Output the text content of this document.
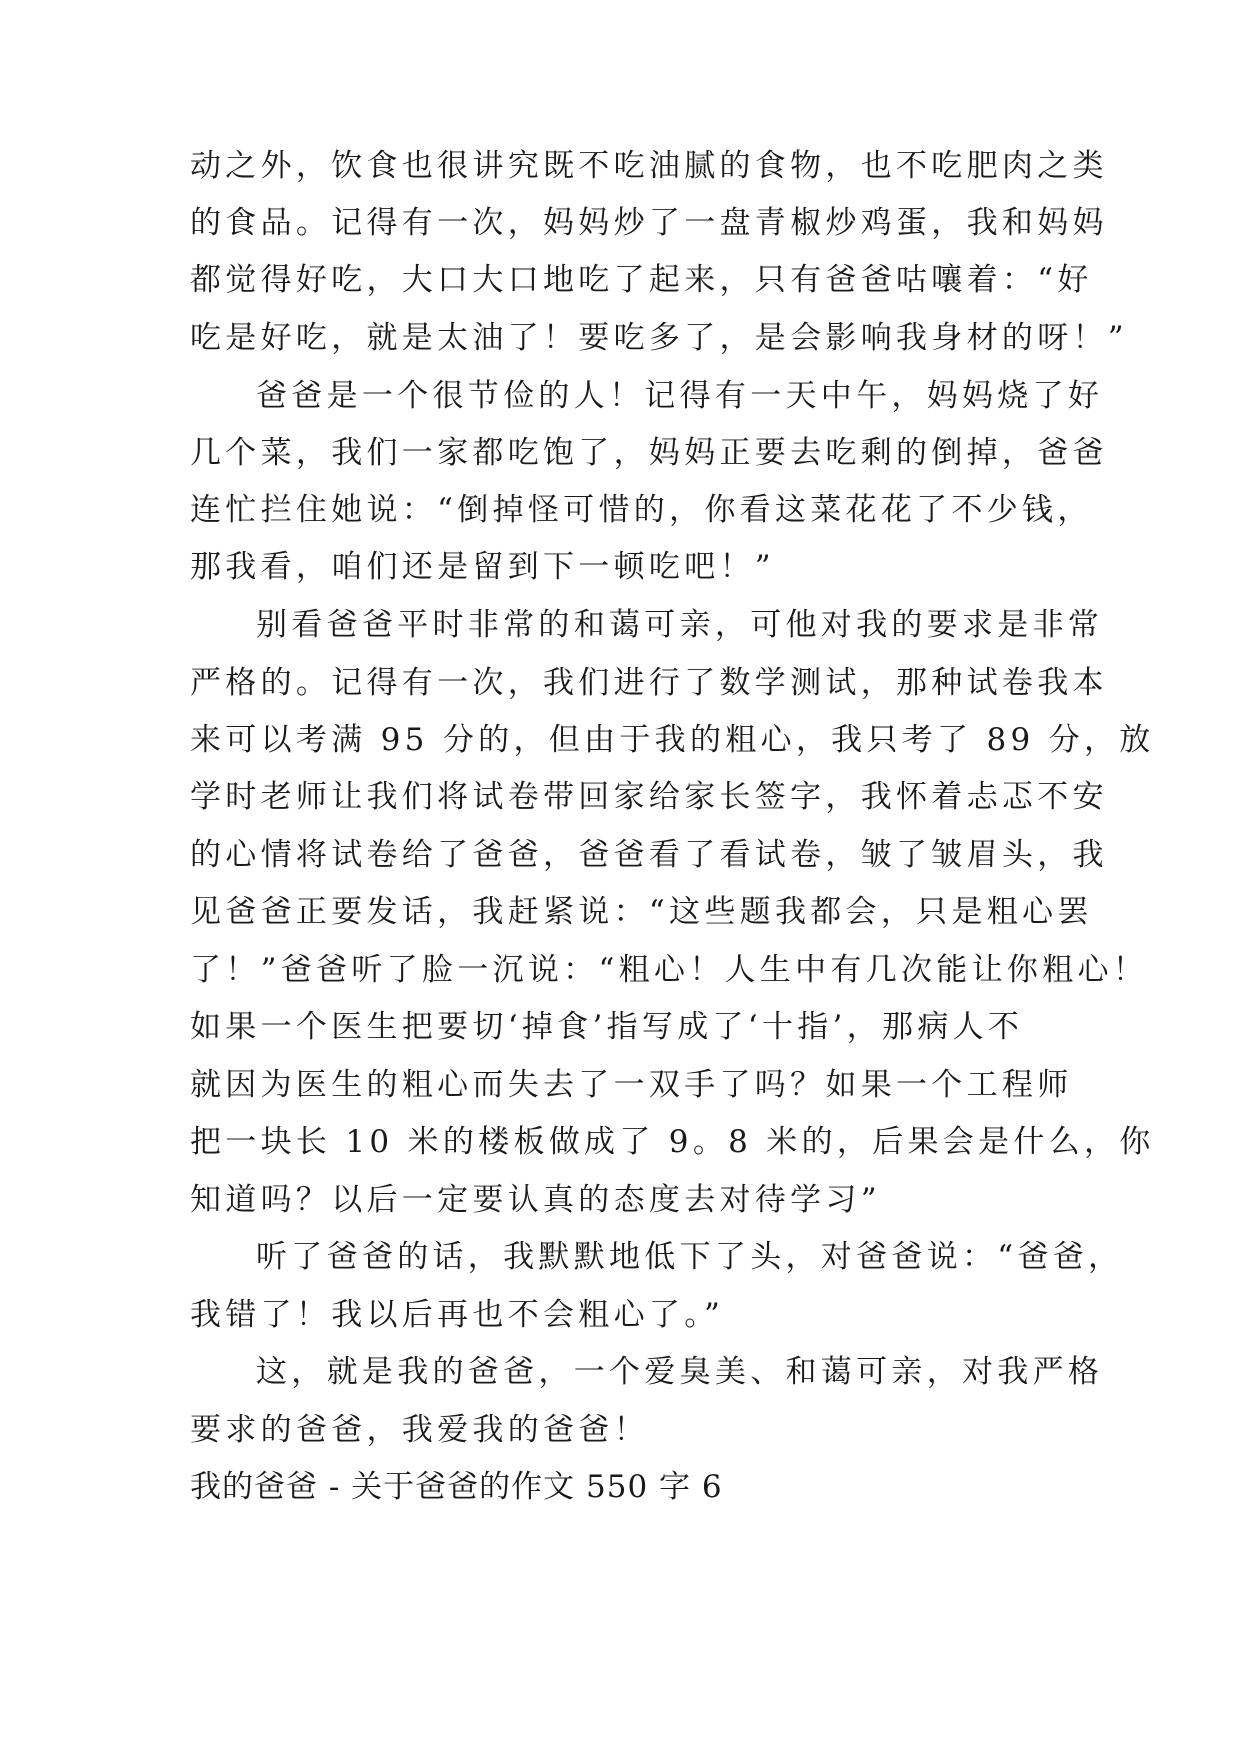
动之外，饮食也很讲究既不吃油腻的食物，也不吃肥肉之类
的食品。记得有一次，妈妈炒了一盘青椒炒鸡蛋，我和妈妈
都觉得好吃，大口大口地吃了起来，只有爸爸咕嚷着：“好
吃是好吃，就是太油了！要吃多了，是会影响我身材的呀！”
爸爸是一个很节俭的人！记得有一天中午，妈妈烧了好
几个菜，我们一家都吃饱了，妈妈正要去吃剩的倒掉，爸爸
连忙拦住她说：“倒掉怪可惜的，你看这菜花花了不少钱，
那我看，咱们还是留到下一顿吃吧！”
别看爸爸平时非常的和蔼可亲，可他对我的要求是非常
严格的。记得有一次，我们进行了数学测试，那种试卷我本
来可以考满 95 分的，但由于我的粗心，我只考了 89 分，放
学时老师让我们将试卷带回家给家长签字，我怀着忐忑不安
的心情将试卷给了爸爸，爸爸看了看试卷，皱了皱眉头，我
见爸爸正要发话，我赶紧说：“这些题我都会，只是粗心罢
了！”爸爸听了脸一沉说：“粗心！人生中有几次能让你粗心！
如果一个医生把要切‘掉食’指写成了‘十指’，那病人不
就因为医生的粗心而失去了一双手了吗？如果一个工程师
把一块长 10 米的楼板做成了 9。8 米的，后果会是什么，你
知道吗？以后一定要认真的态度去对待学习”
听了爸爸的话，我默默地低下了头，对爸爸说：“爸爸，
我错了！我以后再也不会粗心了。”
这，就是我的爸爸，一个爱臭美、和蔼可亲，对我严格
要求的爸爸，我爱我的爸爸！
我的爸爸 - 关于爸爸的作文 550 字 6
